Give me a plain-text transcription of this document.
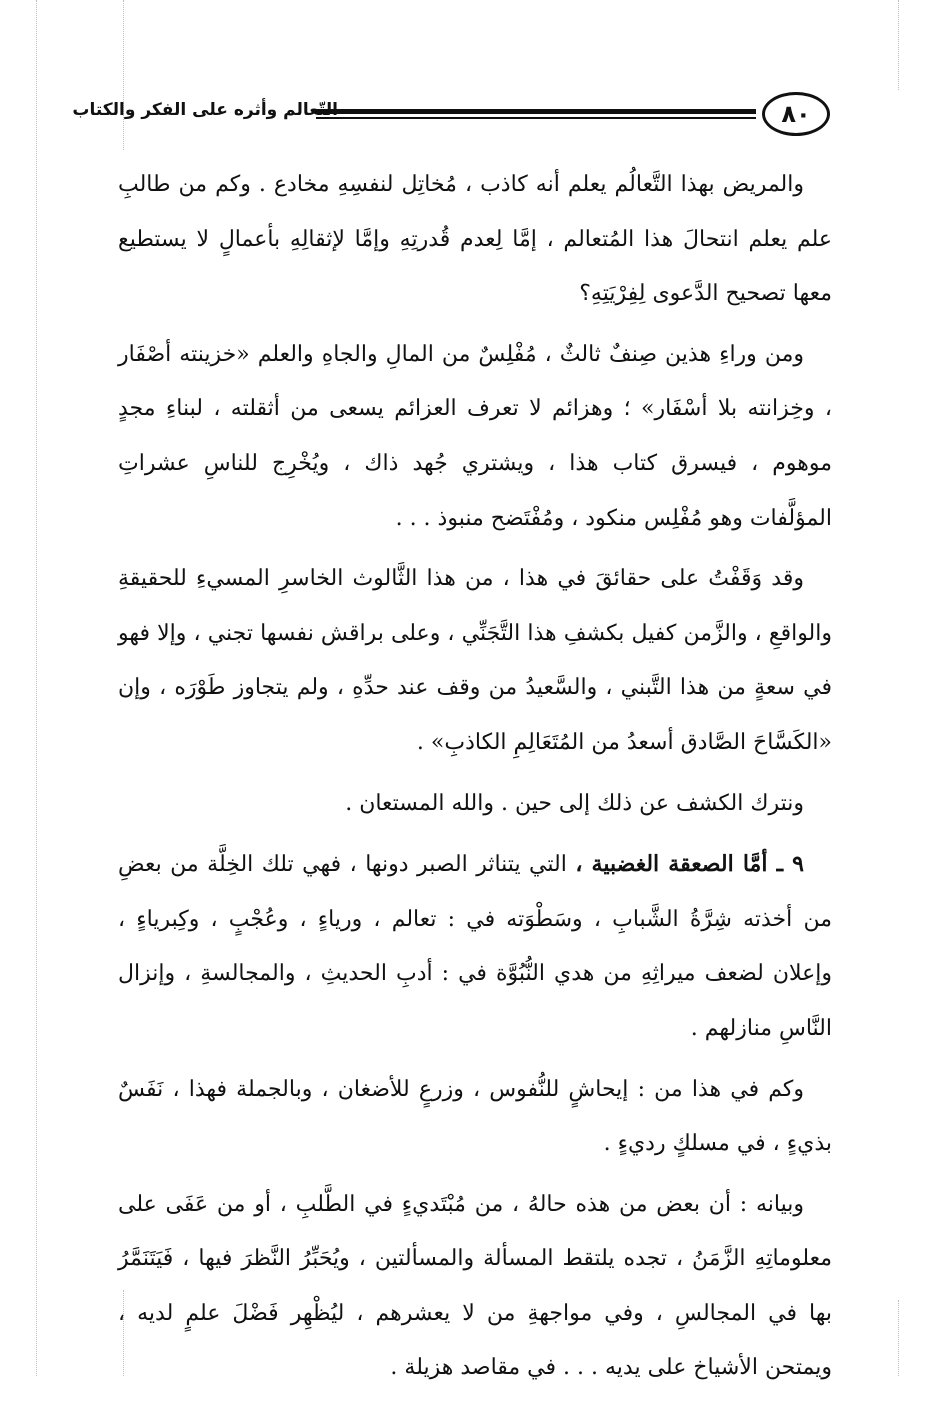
٨٠
التّعالم وأثره على الفكر والكتاب

والمريض بهذا التَّعالُم يعلم أنه كاذب ، مُخاتِل لنفسِهِ مخادع . وكم من طالبِ علم يعلم انتحالَ هذا المُتعالم ، إمَّا لِعدم قُدرتِهِ وإمَّا لإثقالِهِ بأعمالٍ لا يستطيع معها تصحيح الدَّعوى لِفِرْيَتِهِ؟

ومن وراءِ هذين صِنفٌ ثالثٌ ، مُفْلِسٌ من المالِ والجاهِ والعلم «خزينته أصْفَار ، وخِزانته بلا أسْفَار» ؛ وهزائم لا تعرف العزائم يسعى من أثقلته ، لبناءِ مجدٍ موهوم ، فيسرق كتاب هذا ، ويشتري جُهد ذاك ، ويُخْرِج للناسِ عشراتِ المؤلَّفات وهو مُفْلِس منكود ، ومُفْتَضح منبوذ . . .

وقد وَقَفْتُ على حقائقَ في هذا ، من هذا الثَّالوث الخاسرِ المسيءِ للحقيقةِ والواقعِ ، والزَّمن كفيل بكشفِ هذا التَّجَنِّي ، وعلى براقش نفسها تجني ، وإلا فهو في سعةٍ من هذا التَّبني ، والسَّعيدُ من وقف عند حدِّهِ ، ولم يتجاوز طَوْرَه ، وإن «الكَسَّاحَ الصَّادق أسعدُ من المُتَعَالِمِ الكاذبِ» .

ونترك الكشف عن ذلك إلى حين . والله المستعان .

٩ ـ أمَّا الصعقة الغضبية ، التي يتناثر الصبر دونها ، فهي تلك الخِلَّة من بعضِ من أخذته شِرَّةُ الشَّبابِ ، وسَطْوَته في : تعالم ، ورياءٍ ، وعُجْبٍ ، وكِبرياءٍ ، وإعلان لضعف ميراثِهِ من هدي النُّبُوَّة في : أدبِ الحديثِ ، والمجالسةِ ، وإنزال النَّاسِ منازلهم .

وكم في هذا من : إيحاشٍ للنُّفوس ، وزرعٍ للأضغان ، وبالجملة فهذا ، نَفَسٌ بذيءٍ ، في مسلكٍ رديءٍ .

وبيانه : أن بعض من هذه حالهُ ، من مُبْتَديءٍ في الطَّلبِ ، أو من عَفَى على معلوماتِهِ الزَّمَنُ ، تجده يلتقط المسألة والمسألتين ، ويُحَبِّرُ النَّظرَ فيها ، فَيَتَنَمَّرُ بها في المجالسِ ، وفي مواجهةِ من لا يعشرهم ، ليُظْهِر فَضْلَ علمٍ لديه ، ويمتحن الأشياخ على يديه . . . في مقاصد هزيلة .
